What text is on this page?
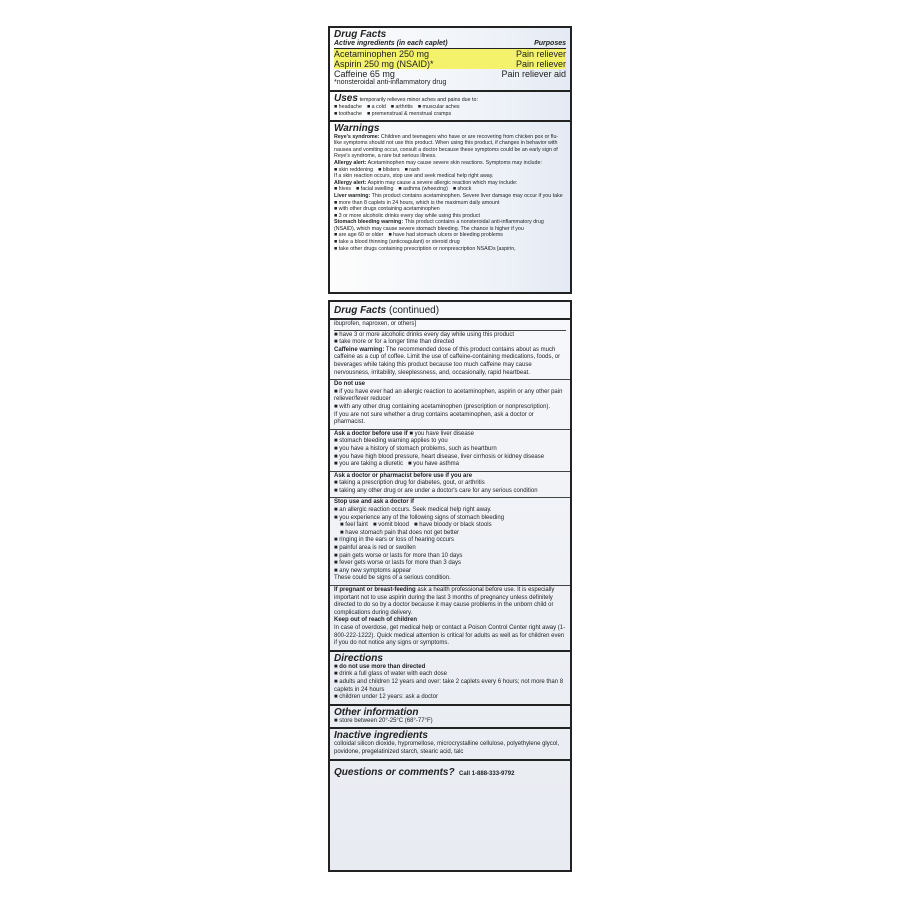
Drug Facts
Active ingredients (in each caplet)	Purposes
Acetaminophen 250 mg	Pain reliever
Aspirin 250 mg (NSAID)*	Pain reliever
Caffeine 65 mg	Pain reliever aid
*nonsteroidal anti-inflammatory drug
Uses temporarily relieves minor aches and pains due to:
■ headache ■ a cold ■ arthritis ■ muscular aches
■ toothache ■ premenstrual & menstrual cramps
Warnings
Reye's syndrome: Children and teenagers who have or are recovering from chicken pox or flu-like symptoms should not use this product. When using this product, if changes in behavior with nausea and vomiting occur, consult a doctor because these symptoms could be an early sign of Reye's syndrome, a rare but serious illness.
Allergy alert: Acetaminophen may cause severe skin reactions. Symptoms may include: ■ skin reddening ■ blisters ■ rash
If a skin reaction occurs, stop use and seek medical help right away.
Allergy alert: Aspirin may cause a severe allergic reaction which may include:
■ hives ■ facial swelling ■ asthma (wheezing) ■ shock
Liver warning: This product contains acetaminophen. Severe liver damage may occur if you take
■ more than 8 caplets in 24 hours, which is the maximum daily amount
■ with other drugs containing acetaminophen
■ 3 or more alcoholic drinks every day while using this product
Stomach bleeding warning: This product contains a nonsteroidal anti-inflammatory drug (NSAID), which may cause severe stomach bleeding. The chance is higher if you
■ are age 60 or older ■ have had stomach ulcers or bleeding problems
■ take a blood thinning (anticoagulant) or steroid drug
■ take other drugs containing prescription or nonprescription NSAIDs [aspirin,
Drug Facts (continued)
ibuprofen, naproxen, or others]
■ have 3 or more alcoholic drinks every day while using this product
■ take more or for a longer time than directed
Caffeine warning: The recommended dose of this product contains about as much caffeine as a cup of coffee. Limit the use of caffeine-containing medications, foods, or beverages while taking this product because too much caffeine may cause nervousness, irritability, sleeplessness, and, occasionally, rapid heartbeat.
Do not use
■ if you have ever had an allergic reaction to acetaminophen, aspirin or any other pain reliever/fever reducer
■ with any other drug containing acetaminophen (prescription or nonprescription).
If you are not sure whether a drug contains acetaminophen, ask a doctor or pharmacist.
Ask a doctor before use if ■ you have liver disease
■ stomach bleeding warning applies to you
■ you have a history of stomach problems, such as heartburn
■ you have high blood pressure, heart disease, liver cirrhosis or kidney disease
■ you are taking a diuretic ■ you have asthma
Ask a doctor or pharmacist before use if you are
■ taking a prescription drug for diabetes, gout, or arthritis
■ taking any other drug or are under a doctor's care for any serious condition
Stop use and ask a doctor if
■ an allergic reaction occurs. Seek medical help right away.
■ you experience any of the following signs of stomach bleeding
■ feel faint ■ vomit blood ■ have bloody or black stools
■ have stomach pain that does not get better
■ ringing in the ears or loss of hearing occurs
■ painful area is red or swollen
■ pain gets worse or lasts for more than 10 days
■ fever gets worse or lasts for more than 3 days
■ any new symptoms appear
These could be signs of a serious condition.
If pregnant or breast-feeding ask a health professional before use. It is especially important not to use aspirin during the last 3 months of pregnancy unless definitely directed to do so by a doctor because it may cause problems in the unborn child or complications during delivery.
Keep out of reach of children
In case of overdose, get medical help or contact a Poison Control Center right away (1-800-222-1222). Quick medical attention is critical for adults as well as for children even if you do not notice any signs or symptoms.
Directions
■ do not use more than directed
■ drink a full glass of water with each dose
■ adults and children 12 years and over: take 2 caplets every 6 hours; not more than 8 caplets in 24 hours
■ children under 12 years: ask a doctor
Other information
■ store between 20°-25°C (68°-77°F)
Inactive ingredients
colloidal silicon dioxide, hypromellose, microcrystalline cellulose, polyethylene glycol, povidone, pregelatinized starch, stearic acid, talc
Questions or comments? Call 1-888-333-9792
